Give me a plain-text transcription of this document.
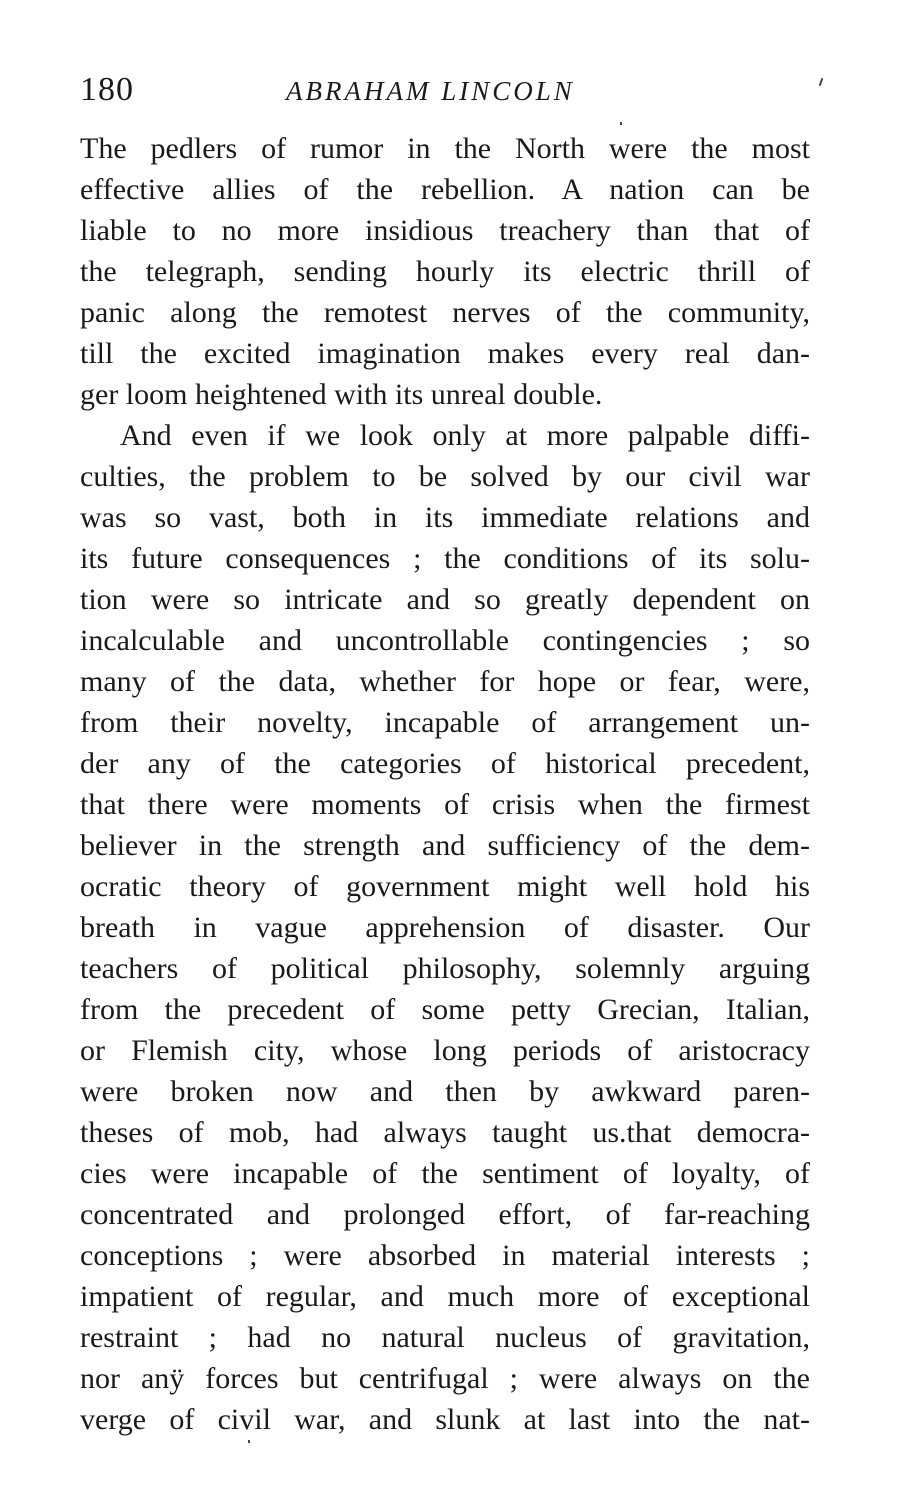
180	ABRAHAM LINCOLN
The pedlers of rumor in the North were the most
effective allies of the rebellion. A nation can be
liable to no more insidious treachery than that of
the telegraph, sending hourly its electric thrill of
panic along the remotest nerves of the community,
till the excited imagination makes every real dan-
ger loom heightened with its unreal double.
And even if we look only at more palpable diffi-
culties, the problem to be solved by our civil war
was so vast, both in its immediate relations and
its future consequences ; the conditions of its solu-
tion were so intricate and so greatly dependent on
incalculable and uncontrollable contingencies ; so
many of the data, whether for hope or fear, were,
from their novelty, incapable of arrangement un-
der any of the categories of historical precedent,
that there were moments of crisis when the firmest
believer in the strength and sufficiency of the dem-
ocratic theory of government might well hold his
breath in vague apprehension of disaster. Our
teachers of political philosophy, solemnly arguing
from the precedent of some petty Grecian, Italian,
or Flemish city, whose long periods of aristocracy
were broken now and then by awkward paren-
theses of mob, had always taught us.that democra-
cies were incapable of the sentiment of loyalty, of
concentrated and prolonged effort, of far-reaching
conceptions ; were absorbed in material interests ;
impatient of regular, and much more of exceptional
restraint ; had no natural nucleus of gravitation,
nor anÿ forces but centrifugal ; were always on the
verge of civil war, and slunk at last into the nat-
